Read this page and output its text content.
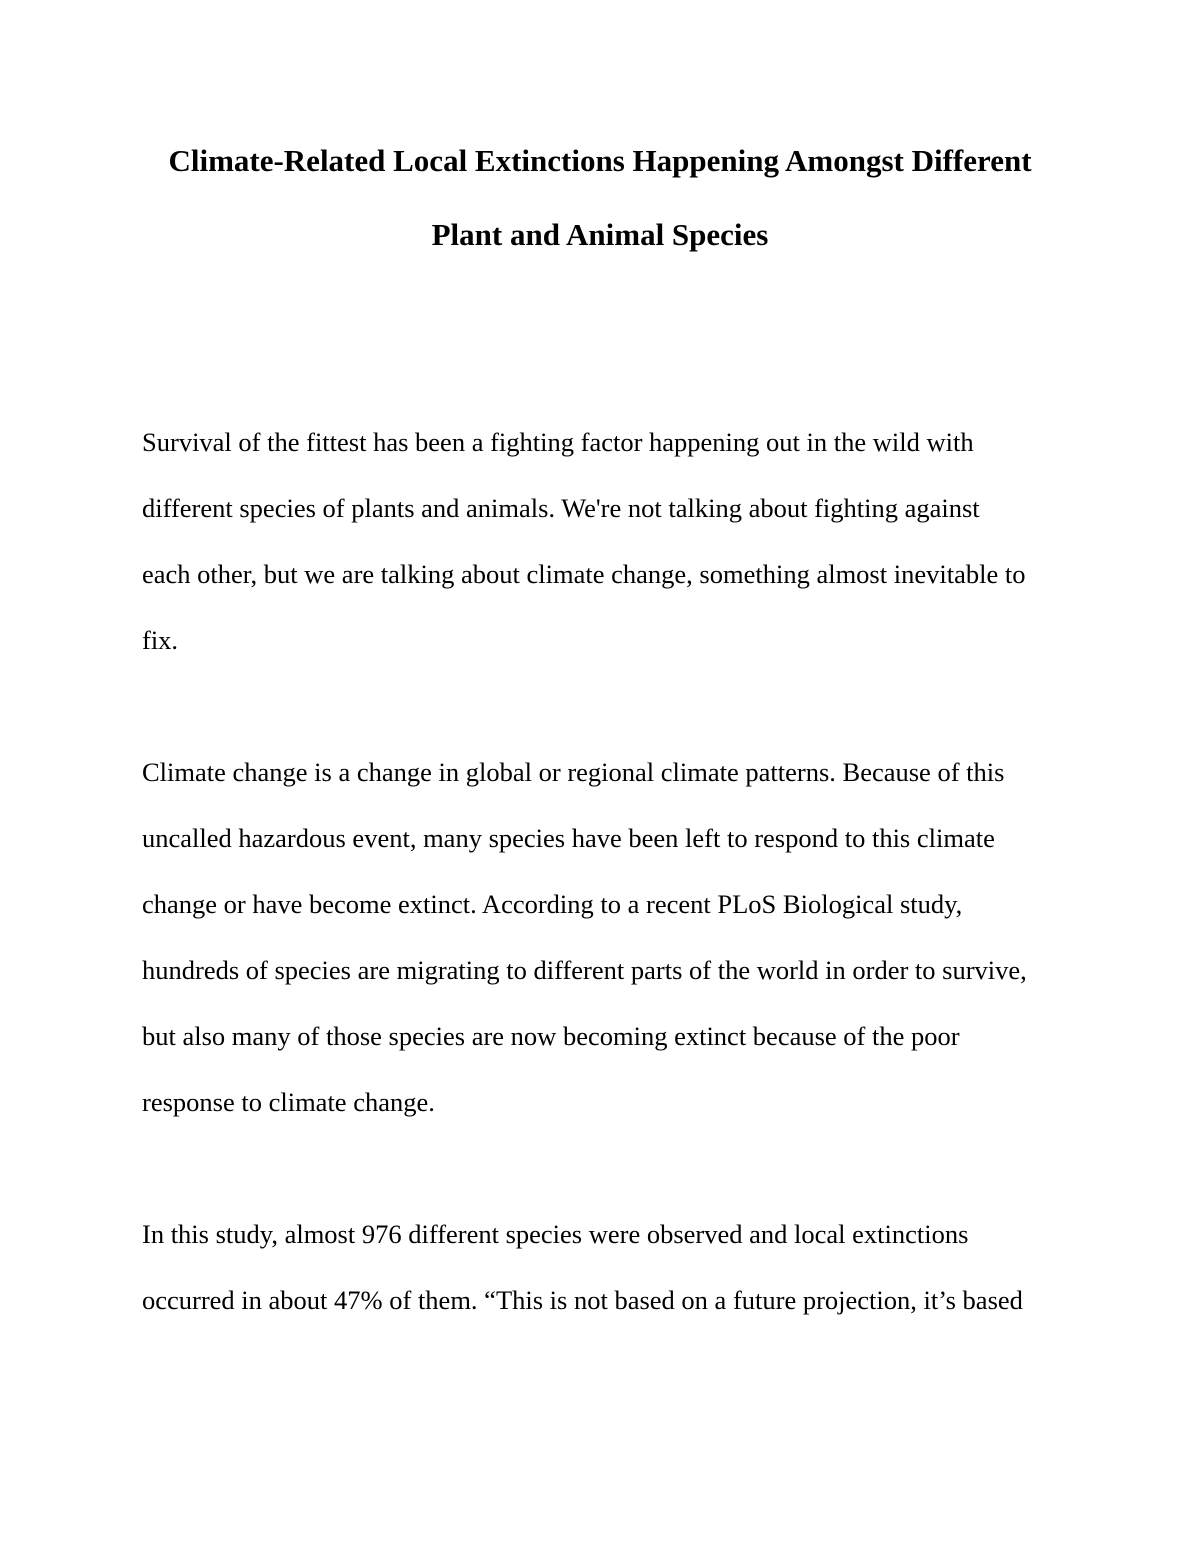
Climate-Related Local Extinctions Happening Amongst Different
Plant and Animal Species
Survival of the fittest has been a fighting factor happening out in the wild with
different species of plants and animals. We're not talking about fighting against
each other, but we are talking about climate change, something almost inevitable to
fix.
Climate change is a change in global or regional climate patterns. Because of this
uncalled hazardous event, many species have been left to respond to this climate
change or have become extinct. According to a recent PLoS Biological study,
hundreds of species are migrating to different parts of the world in order to survive,
but also many of those species are now becoming extinct because of the poor
response to climate change.
In this study, almost 976 different species were observed and local extinctions
occurred in about 47% of them. “This is not based on a future projection, it’s based
